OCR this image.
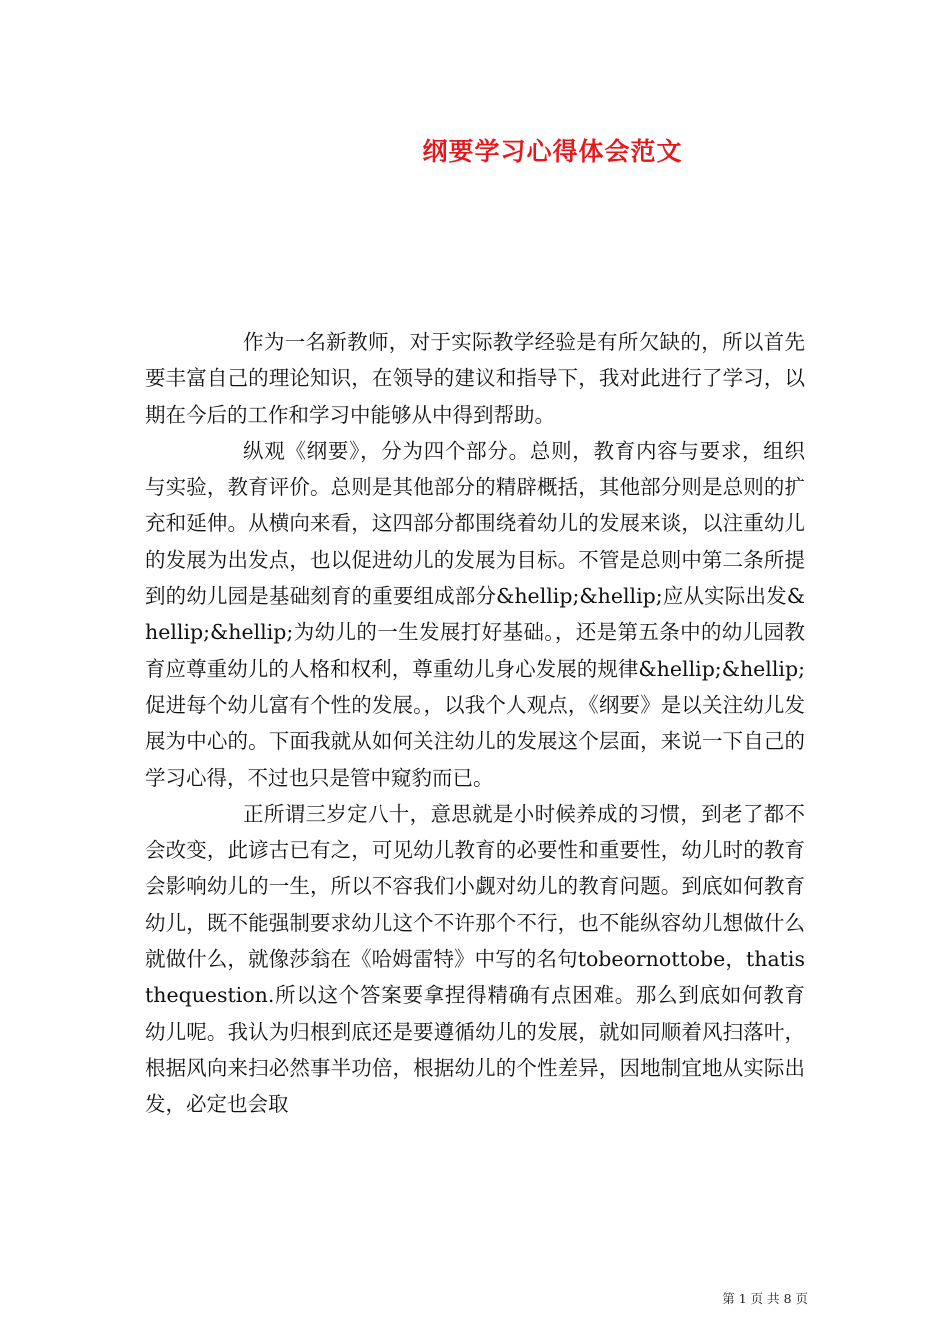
纲要学习心得体会范文

作为一名新教师，对于实际教学经验是有所欠缺的，所以首先要丰富自己的理论知识，在领导的建议和指导下，我对此进行了学习，以期在今后的工作和学习中能够从中得到帮助。

纵观《纲要》，分为四个部分。总则，教育内容与要求，组织与实验，教育评价。总则是其他部分的精辟概括，其他部分则是总则的扩充和延伸。从横向来看，这四部分都围绕着幼儿的发展来谈，以注重幼儿的发展为出发点，也以促进幼儿的发展为目标。不管是总则中第二条所提到的幼儿园是基础刻育的重要组成部分&hellip;&hellip;应从实际出发&hellip;&hellip;为幼儿的一生发展打好基础。，还是第五条中的幼儿园教育应尊重幼儿的人格和权利，尊重幼儿身心发展的规律&hellip;&hellip;促进每个幼儿富有个性的发展。，以我个人观点，《纲要》是以关注幼儿发展为中心的。下面我就从如何关注幼儿的发展这个层面，来说一下自己的学习心得，不过也只是管中窥豹而已。

正所谓三岁定八十，意思就是小时候养成的习惯，到老了都不会改变，此谚古已有之，可见幼儿教育的必要性和重要性，幼儿时的教育会影响幼儿的一生，所以不容我们小觑对幼儿的教育问题。到底如何教育幼儿，既不能强制要求幼儿这个不许那个不行，也不能纵容幼儿想做什么就做什么，就像莎翁在《哈姆雷特》中写的名句tobeornottobe，thatisthequestion.所以这个答案要拿捏得精确有点困难。那么到底如何教育幼儿呢。我认为归根到底还是要遵循幼儿的发展，就如同顺着风扫落叶，根据风向来扫必然事半功倍，根据幼儿的个性差异，因地制宜地从实际出发，必定也会取

第 1 页 共 8 页
